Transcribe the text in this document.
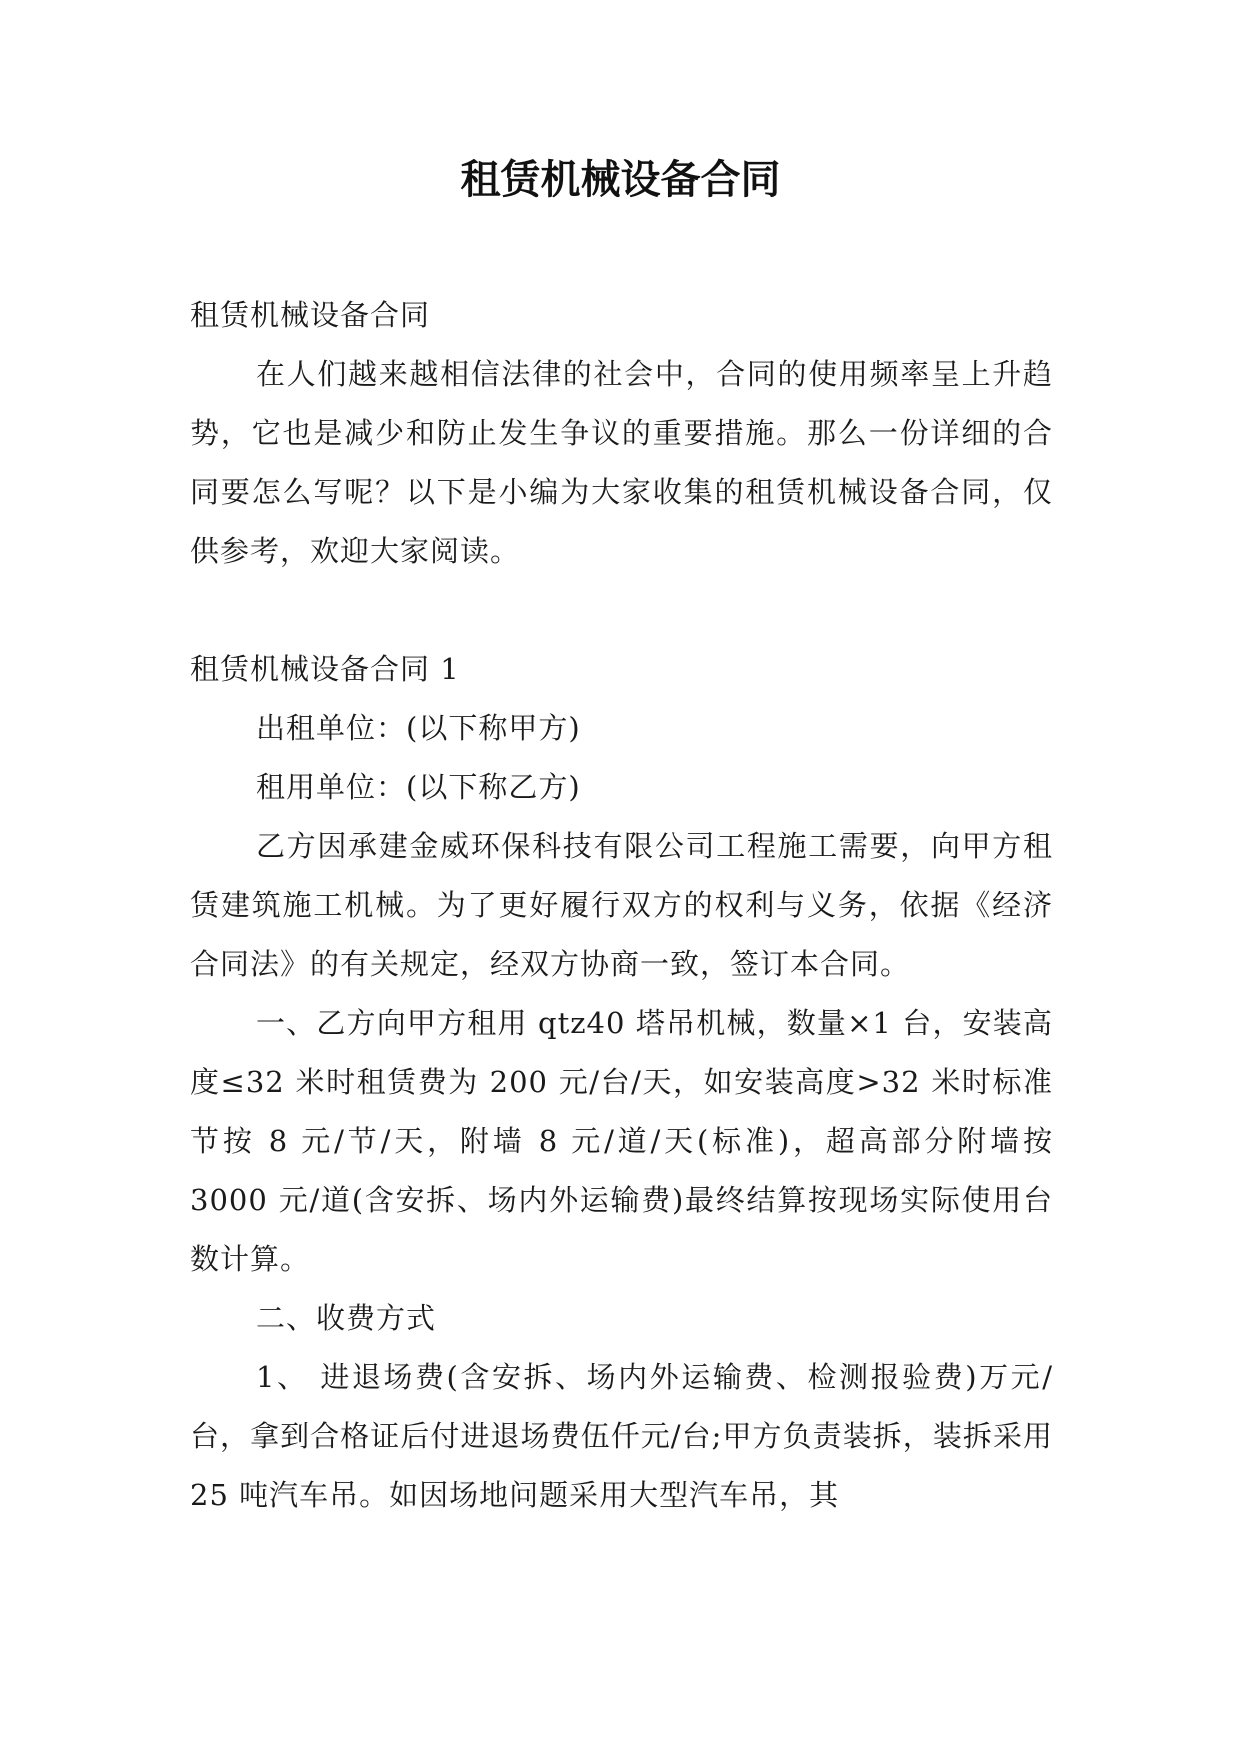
租赁机械设备合同

租赁机械设备合同

在人们越来越相信法律的社会中，合同的使用频率呈上升趋势，它也是减少和防止发生争议的重要措施。那么一份详细的合同要怎么写呢？以下是小编为大家收集的租赁机械设备合同，仅供参考，欢迎大家阅读。

租赁机械设备合同 1

出租单位：(以下称甲方)

租用单位：(以下称乙方)

乙方因承建金威环保科技有限公司工程施工需要，向甲方租赁建筑施工机械。为了更好履行双方的权利与义务，依据《经济合同法》的有关规定，经双方协商一致，签订本合同。

一、乙方向甲方租用 qtz40 塔吊机械，数量×1 台，安装高度≤32 米时租赁费为 200 元/台/天，如安装高度>32 米时标准节按 8 元/节/天，附墙 8 元/道/天(标准)，超高部分附墙按 3000 元/道(含安拆、场内外运输费)最终结算按现场实际使用台数计算。

二、收费方式

1、 进退场费(含安拆、场内外运输费、检测报验费)万元/台，拿到合格证后付进退场费伍仟元/台;甲方负责装拆，装拆采用 25 吨汽车吊。如因场地问题采用大型汽车吊，其
